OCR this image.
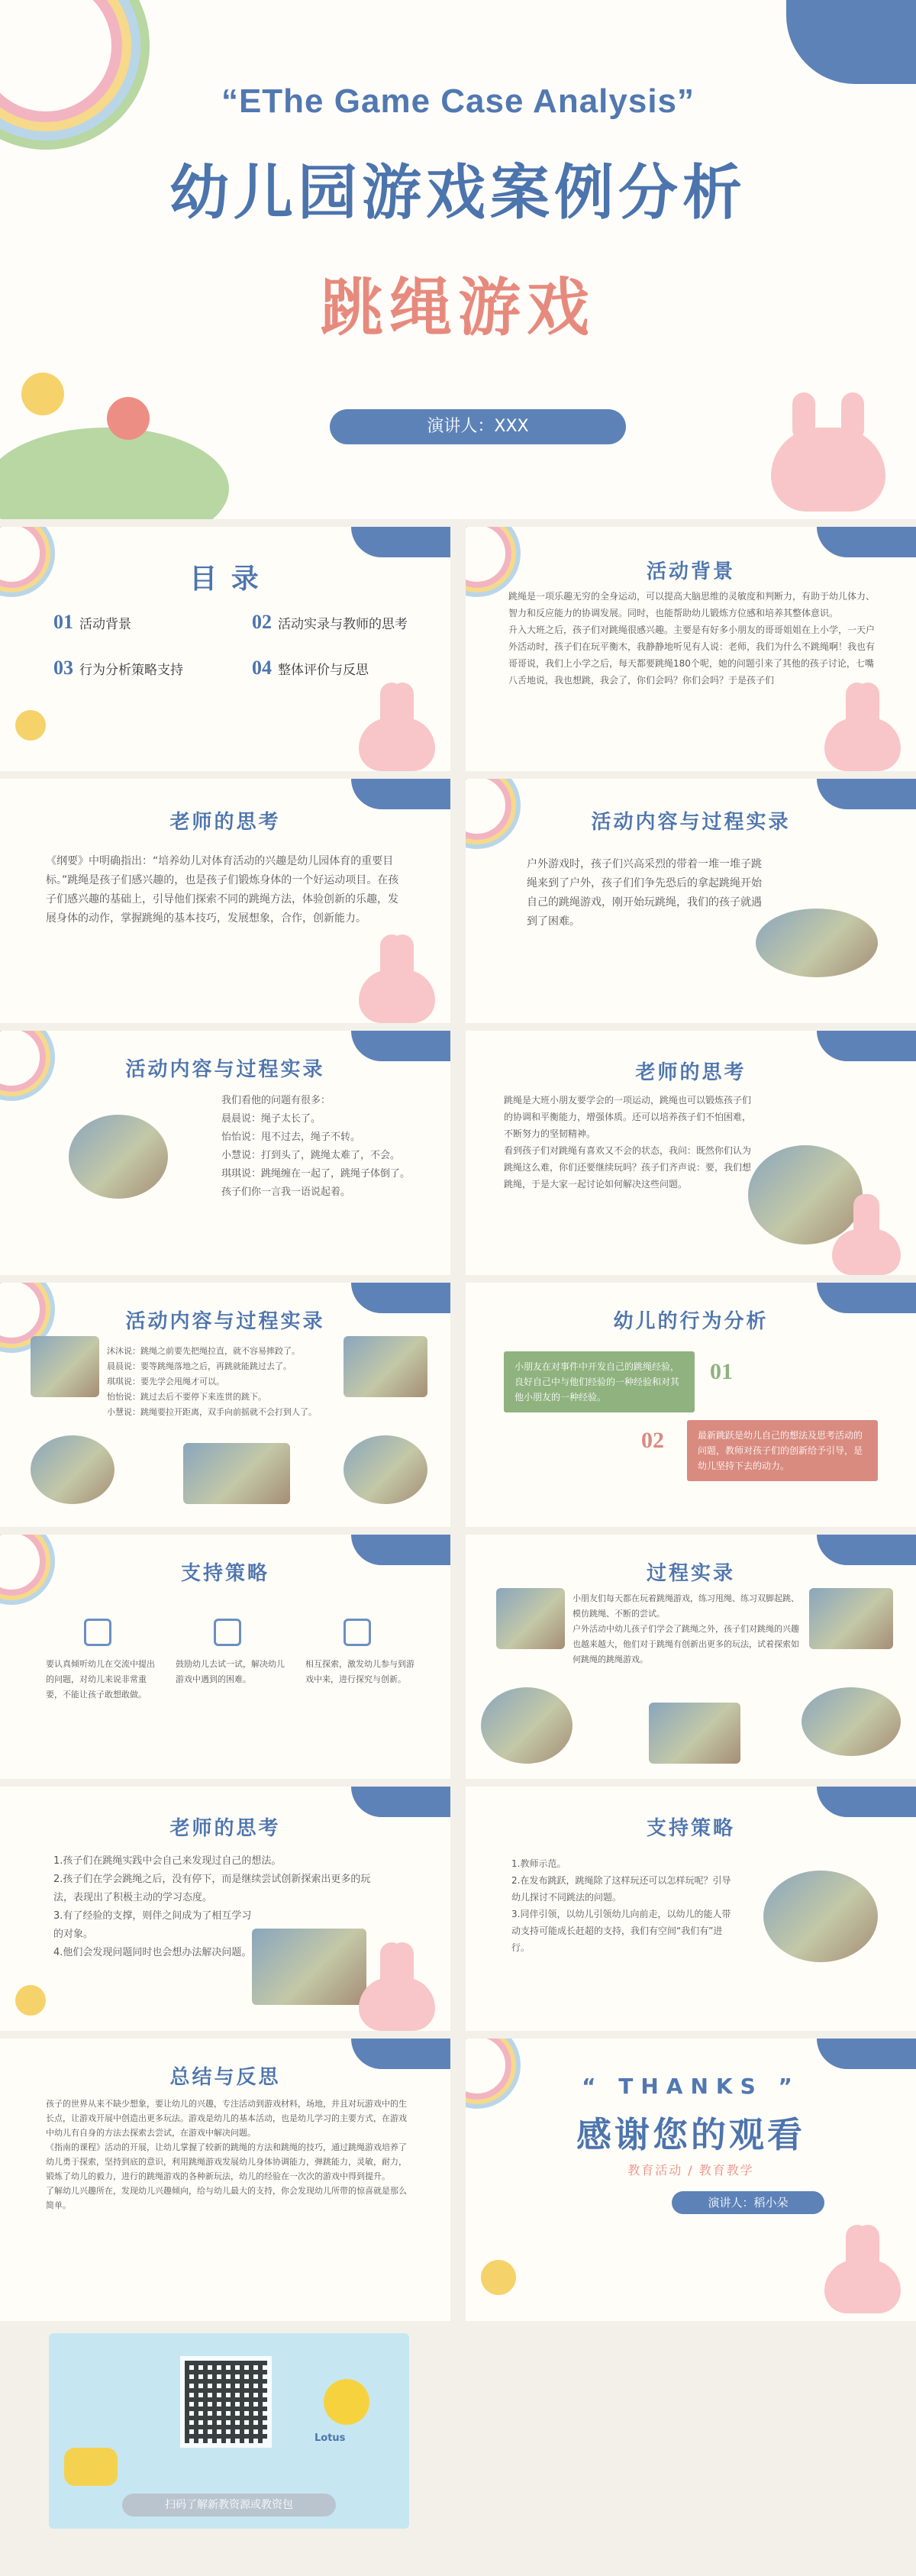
“EThe Game Case Analysis”
幼儿园游戏案例分析
跳绳游戏
演讲人：XXX
目 录
01 活动背景	02 活动实录与教师的思考
03 行为分析策略支持	04 整体评价与反思
活动背景
跳绳是一项乐趣无穷的全身运动，可以提高大脑思维的灵敏度和判断力，有助于幼儿体力、智力和反应能力的协调发展。同时，也能帮助幼儿锻炼方位感和培养其整体意识。
升入大班之后，孩子们对跳绳很感兴趣。主要是有好多小朋友的哥哥姐姐在上小学，一天户外活动时，孩子们在玩平衡木，我静静地听见有人说：老师，我们为什么不跳绳啊！我也有哥哥说，我们上小学之后，每天都要跳绳180个呢，她的问题引来了其他的孩子讨论，七嘴八舌地说，我也想跳，我会了，你们会吗？你们会吗？于是孩子们
老师的思考
《纲要》中明确指出：“培养幼儿对体育活动的兴趣是幼儿园体育的重要目标。”跳绳是孩子们感兴趣的，也是孩子们锻炼身体的一个好运动项目。在孩子们感兴趣的基础上，引导他们探索不同的跳绳方法，体验创新的乐趣，发展身体的动作，掌握跳绳的基本技巧，发展想象，合作，创新能力。
活动内容与过程实录
户外游戏时，孩子们兴高采烈的带着一堆一堆子跳绳来到了户外，孩子们们争先恐后的拿起跳绳开始自己的跳绳游戏，刚开始玩跳绳，我们的孩子就遇到了困难。
活动内容与过程实录
我们看他的问题有很多：
晨晨说：绳子太长了。
怡怡说：甩不过去，绳子不转。
小慧说：打到头了，跳绳太难了，不会。
琪琪说：跳绳缠在一起了，跳绳子体倒了。
孩子们你一言我一语说起着。
老师的思考
跳绳是大班小朋友要学会的一项运动，跳绳也可以锻炼孩子们的协调和平衡能力，增强体质。还可以培养孩子们不怕困难，不断努力的坚韧精神。
看到孩子们对跳绳有喜欢又不会的状态，我问：既然你们认为跳绳这么难，你们还要继续玩吗？孩子们齐声说：要，我们想跳绳，于是大家一起讨论如何解决这些问题。
活动内容与过程实录
沐沐说：跳绳之前要先把绳拉直，就不容易摔跤了。
晨晨说：要等跳绳落地之后，再跳就能跳过去了。
琪琪说：要先学会甩绳才可以。
怡怡说：跳过去后不要停下来连贯的跳下。
小慧说：跳绳要拉开距离，双手向前摇就不会打到人了。
幼儿的行为分析
小朋友在对事件中开发自己的跳绳经验，良好自己中与他们经验的一种经验和对其他小朋友的一种经验。
01
02	最新跳跃是幼儿自己的想法及思考活动的问题，教师对孩子们的创新给予引导，是幼儿坚持下去的动力。
支持策略
要认真倾听幼儿在交流中提出的问题，对幼儿来说非常重要，不能让孩子敢想敢做。
鼓励幼儿去试一试，解决幼儿游戏中遇到的困难。
相互探索，激发幼儿参与到游戏中来，进行探究与创新。
过程实录
小朋友们每天都在玩着跳绳游戏，练习甩绳、练习双脚起跳、模仿跳绳、不断的尝试。
户外活动中幼儿孩子们学会了跳绳之外，孩子们对跳绳的兴趣也越来越大，他们对于跳绳有创新出更多的玩法，试着探索如何跳绳的跳绳游戏。
老师的思考
1.孩子们在跳绳实践中会自己来发现过自己的想法。
2.孩子们在学会跳绳之后，没有停下，而是继续尝试创新探索出更多的玩法，表现出了积极主动的学习态度。
3.有了经验的支撑，则伴之间成为了相互学习的对象。
4.他们会发现问题同时也会想办法解决问题。
支持策略
1.教师示范。
2.在发布跳跃，跳绳除了这样玩还可以怎样玩呢？引导幼儿探讨不同跳法的问题。
3.同伴引领，以幼儿引领幼儿向前走，以幼儿的能人带动支持可能成长赶超的支持，我们有空间“我们有”进行。
总结与反思
孩子的世界从来不缺少想象，要让幼儿的兴趣，专注活动到游戏材料，场地，并且对玩游戏中的生长点，让游戏开展中创造出更多玩法。游戏是幼儿的基本活动，也是幼儿学习的主要方式，在游戏中幼儿有自身的方法去探索去尝试，在游戏中解决问题。
《指南的课程》活动的开展，让幼儿掌握了较新的跳绳的方法和跳绳的技巧，通过跳绳游戏培养了幼儿勇于探索，坚持到底的意识，利用跳绳游戏发展幼儿身体协调能力，弹跳能力，灵敏，耐力，锻炼了幼儿的毅力，进行的跳绳游戏的各种新玩法，幼儿的经验在一次次的游戏中得到提升。
了解幼儿兴趣所在，发现幼儿兴趣倾向，给与幼儿最大的支持，你会发现幼儿所带的惊喜就是那么简单。
“ THANKS ”
感谢您的观看
教育活动 / 教育教学
演讲人：稻小朵
Lotus
扫码了解新教资源或教资包
